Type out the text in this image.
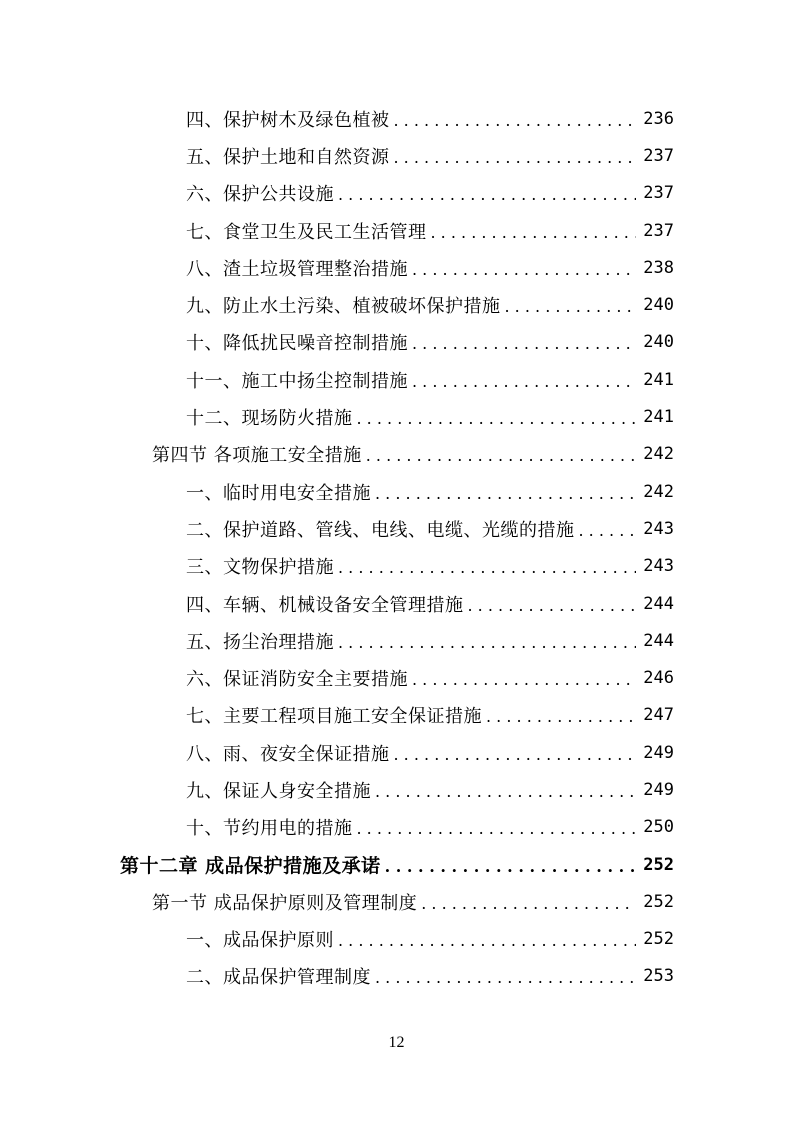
四、保护树木及绿色植被 . . .	236
五、保护土地和自然资源 . . .	237
六、保护公共设施 . . .	237
七、食堂卫生及民工生活管理 . . .	237
八、渣土垃圾管理整治措施 . . .	238
九、防止水土污染、植被破坏保护措施 . . .	240
十、降低扰民噪音控制措施 . . .	240
十一、施工中扬尘控制措施 . . .	241
十二、现场防火措施 . . .	241
第四节 各项施工安全措施 . . .	242
一、临时用电安全措施 . . .	242
二、保护道路、管线、电线、电缆、光缆的措施 . . .	243
三、文物保护措施 . . .	243
四、车辆、机械设备安全管理措施 . . .	244
五、扬尘治理措施 . . .	244
六、保证消防安全主要措施 . . .	246
七、主要工程项目施工安全保证措施 . . .	247
八、雨、夜安全保证措施 . . .	249
九、保证人身安全措施 . . .	249
十、节约用电的措施 . . .	250
第十二章 成品保护措施及承诺 . . .	252
第一节 成品保护原则及管理制度 . . .	252
一、成品保护原则 . . .	252
二、成品保护管理制度 . . .	253
12
